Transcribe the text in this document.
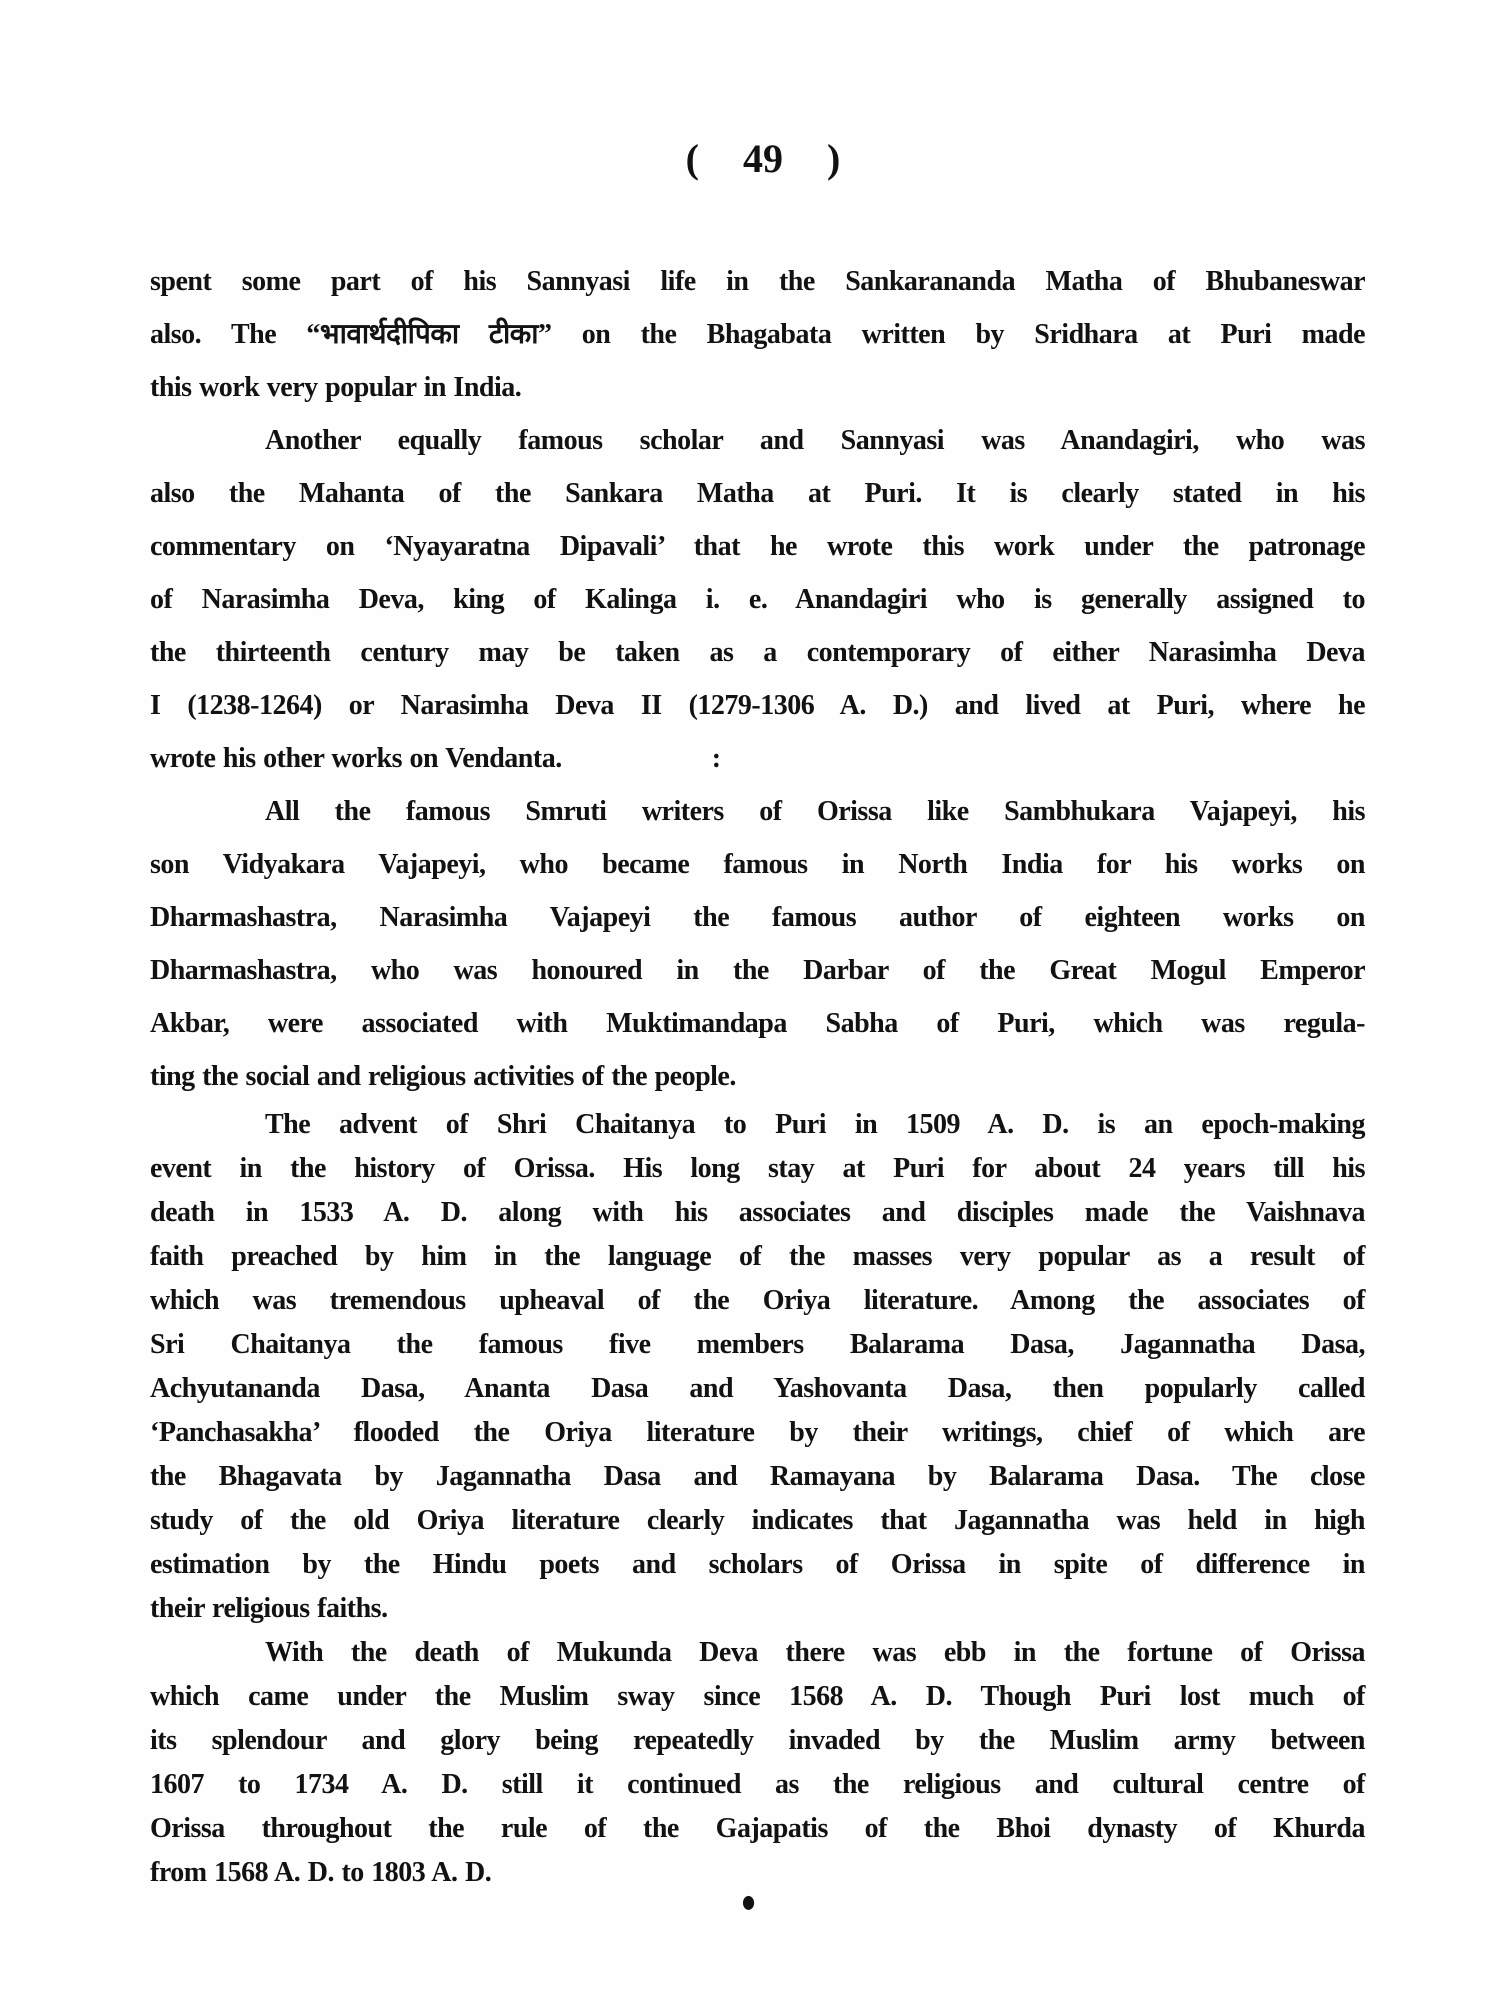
( 49 )
spent some part of his Sannyasi life in the Sankarananda Matha of Bhubaneswar
also. The “भावार्थदीपिका टीका” on the Bhagabata written by Sridhara at Puri made
this work very popular in India.
Another equally famous scholar and Sannyasi was Anandagiri, who was
also the Mahanta of the Sankara Matha at Puri. It is clearly stated in his
commentary on ‘Nyayaratna Dipavali’ that he wrote this work under the patronage
of Narasimha Deva, king of Kalinga i. e. Anandagiri who is generally assigned to
the thirteenth century may be taken as a contemporary of either Narasimha Deva
I (1238-1264) or Narasimha Deva II (1279-1306 A. D.) and lived at Puri, where he
wrote his other works on Vendanta.	:
All the famous Smruti writers of Orissa like Sambhukara Vajapeyi, his
son Vidyakara Vajapeyi, who became famous in North India for his works on
Dharmashastra, Narasimha Vajapeyi the famous author of eighteen works on
Dharmashastra, who was honoured in the Darbar of the Great Mogul Emperor
Akbar, were associated with Muktimandapa Sabha of Puri, which was regula-
ting the social and religious activities of the people.
The advent of Shri Chaitanya to Puri in 1509 A. D. is an epoch-making
event in the history of Orissa. His long stay at Puri for about 24 years till his
death in 1533 A. D. along with his associates and disciples made the Vaishnava
faith preached by him in the language of the masses very popular as a result of
which was tremendous upheaval of the Oriya literature. Among the associates of
Sri Chaitanya the famous five members Balarama Dasa, Jagannatha Dasa,
Achyutananda Dasa, Ananta Dasa and Yashovanta Dasa, then popularly called
‘Panchasakha’ flooded the Oriya literature by their writings, chief of which are
the Bhagavata by Jagannatha Dasa and Ramayana by Balarama Dasa. The close
study of the old Oriya literature clearly indicates that Jagannatha was held in high
estimation by the Hindu poets and scholars of Orissa in spite of difference in
their religious faiths.
With the death of Mukunda Deva there was ebb in the fortune of Orissa
which came under the Muslim sway since 1568 A. D. Though Puri lost much of
its splendour and glory being repeatedly invaded by the Muslim army between
1607 to 1734 A. D. still it continued as the religious and cultural centre of
Orissa throughout the rule of the Gajapatis of the Bhoi dynasty of Khurda
from 1568 A. D. to 1803 A. D.
●
